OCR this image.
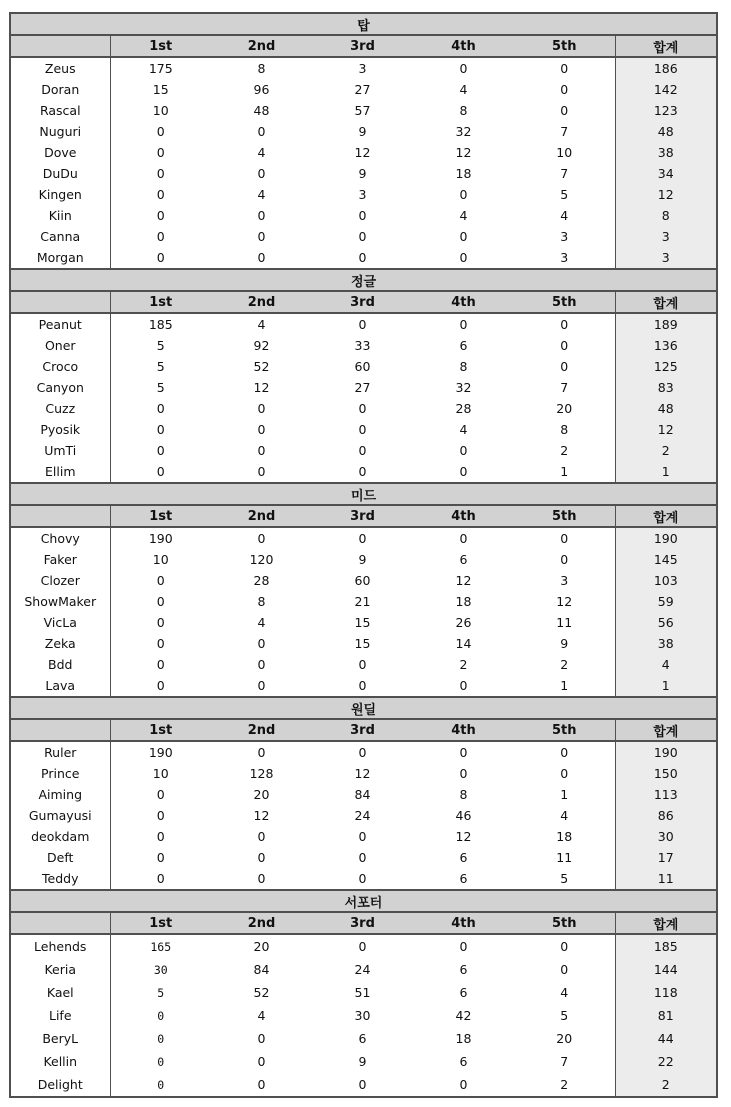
탑						
	1st	2nd	3rd	4th	5th	합계
Zeus	175	8	3	0	0	186
Doran	15	96	27	4	0	142
Rascal	10	48	57	8	0	123
Nuguri	0	0	9	32	7	48
Dove	0	4	12	12	10	38
DuDu	0	0	9	18	7	34
Kingen	0	4	3	0	5	12
Kiin	0	0	0	4	4	8
Canna	0	0	0	0	3	3
Morgan	0	0	0	0	3	3
정글						
	1st	2nd	3rd	4th	5th	합계
Peanut	185	4	0	0	0	189
Oner	5	92	33	6	0	136
Croco	5	52	60	8	0	125
Canyon	5	12	27	32	7	83
Cuzz	0	0	0	28	20	48
Pyosik	0	0	0	4	8	12
UmTi	0	0	0	0	2	2
Ellim	0	0	0	0	1	1
미드						
	1st	2nd	3rd	4th	5th	합계
Chovy	190	0	0	0	0	190
Faker	10	120	9	6	0	145
Clozer	0	28	60	12	3	103
ShowMaker	0	8	21	18	12	59
VicLa	0	4	15	26	11	56
Zeka	0	0	15	14	9	38
Bdd	0	0	0	2	2	4
Lava	0	0	0	0	1	1
원딜						
	1st	2nd	3rd	4th	5th	합계
Ruler	190	0	0	0	0	190
Prince	10	128	12	0	0	150
Aiming	0	20	84	8	1	113
Gumayusi	0	12	24	46	4	86
deokdam	0	0	0	12	18	30
Deft	0	0	0	6	11	17
Teddy	0	0	0	6	5	11
서포터						
	1st	2nd	3rd	4th	5th	합계
Lehends	165	20	0	0	0	185
Keria	30	84	24	6	0	144
Kael	5	52	51	6	4	118
Life	0	4	30	42	5	81
BeryL	0	0	6	18	20	44
Kellin	0	0	9	6	7	22
Delight	0	0	0	0	2	2
